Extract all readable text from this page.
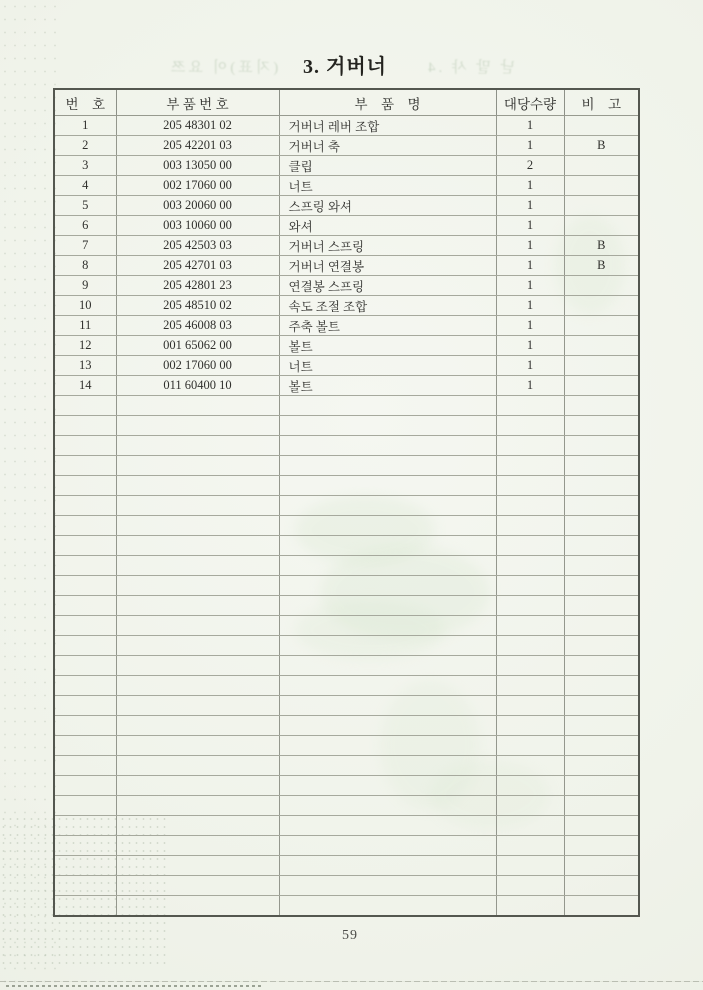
(지표)이 요쯔	낟 말 샤 .4
3. 거버너
번    호	부 품 번 호	부    품    명	대당수량	비    고
1	205 48301 02	거버너 레버 조합	1	
2	205 42201 03	거버너 축	1	B
3	003 13050 00	클립	2	
4	002 17060 00	너트	1	
5	003 20060 00	스프링 와셔	1	
6	003 10060 00	와셔	1	
7	205 42503 03	거버너 스프링	1	B
8	205 42701 03	거버너 연결봉	1	B
9	205 42801 23	연결봉 스프링	1	
10	205 48510 02	속도 조절 조합	1	
11	205 46008 03	주축 볼트	1	
12	001 65062 00	볼트	1	
13	002 17060 00	너트	1	
14	011 60400 10	볼트	1	

59
